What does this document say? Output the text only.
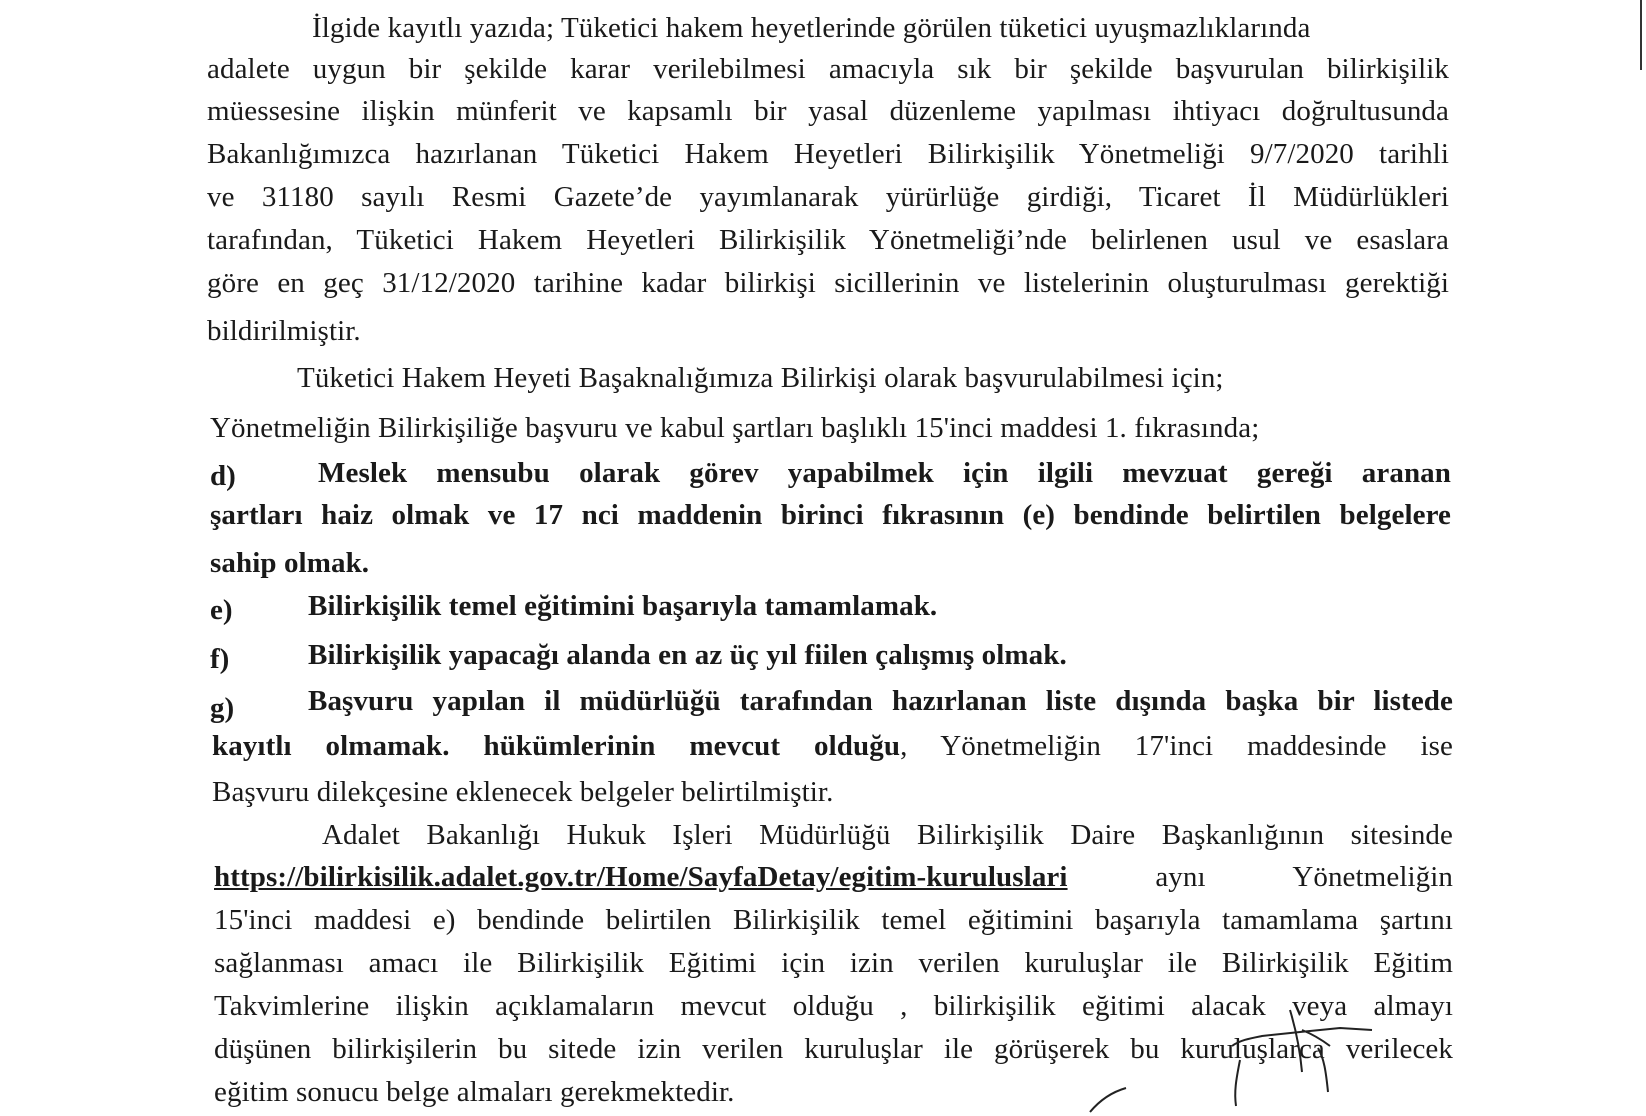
İlgide kayıtlı yazıda; Tüketici hakem heyetlerinde görülen tüketici uyuşmazlıklarında
adalete uygun bir şekilde karar verilebilmesi amacıyla sık bir şekilde başvurulan bilirkişilik
müessesine ilişkin münferit ve kapsamlı bir yasal düzenleme yapılması ihtiyacı doğrultusunda
Bakanlığımızca hazırlanan Tüketici Hakem Heyetleri Bilirkişilik Yönetmeliği 9/7/2020 tarihli
ve 31180 sayılı Resmi Gazete’de yayımlanarak yürürlüğe girdiği, Ticaret İl Müdürlükleri
tarafından, Tüketici Hakem Heyetleri Bilirkişilik Yönetmeliği’nde belirlenen usul ve esaslara
göre en geç 31/12/2020 tarihine kadar bilirkişi sicillerinin ve listelerinin oluşturulması gerektiği
bildirilmiştir.
Tüketici Hakem Heyeti Başaknalığımıza Bilirkişi olarak başvurulabilmesi için;
Yönetmeliğin Bilirkişiliğe başvuru ve kabul şartları başlıklı 15'inci maddesi 1. fıkrasında;
d)	Meslek mensubu olarak görev yapabilmek için ilgili mevzuat gereği aranan
şartları haiz olmak ve 17 nci maddenin birinci fıkrasının (e) bendinde belirtilen belgelere
sahip olmak.
e)	Bilirkişilik temel eğitimini başarıyla tamamlamak.
f)	Bilirkişilik yapacağı alanda en az üç yıl fiilen çalışmış olmak.
g)	Başvuru yapılan il müdürlüğü tarafından hazırlanan liste dışında başka bir listede
kayıtlı olmamak. hükümlerinin mevcut olduğu, Yönetmeliğin 17'inci maddesinde ise
Başvuru dilekçesine eklenecek belgeler belirtilmiştir.
Adalet Bakanlığı Hukuk Işleri Müdürlüğü Bilirkişilik Daire Başkanlığının sitesinde
https://bilirkisilik.adalet.gov.tr/Home/SayfaDetay/egitim-kuruluslari	aynı Yönetmeliğin
15'inci maddesi e) bendinde belirtilen Bilirkişilik temel eğitimini başarıyla tamamlama şartını
sağlanması amacı ile Bilirkişilik Eğitimi için izin verilen kuruluşlar ile Bilirkişilik Eğitim
Takvimlerine ilişkin açıklamaların mevcut olduğu , bilirkişilik eğitimi alacak veya almayı
düşünen bilirkişilerin bu sitede izin verilen kuruluşlar ile görüşerek bu kuruluşlarca verilecek
eğitim sonucu belge almaları gerekmektedir.
